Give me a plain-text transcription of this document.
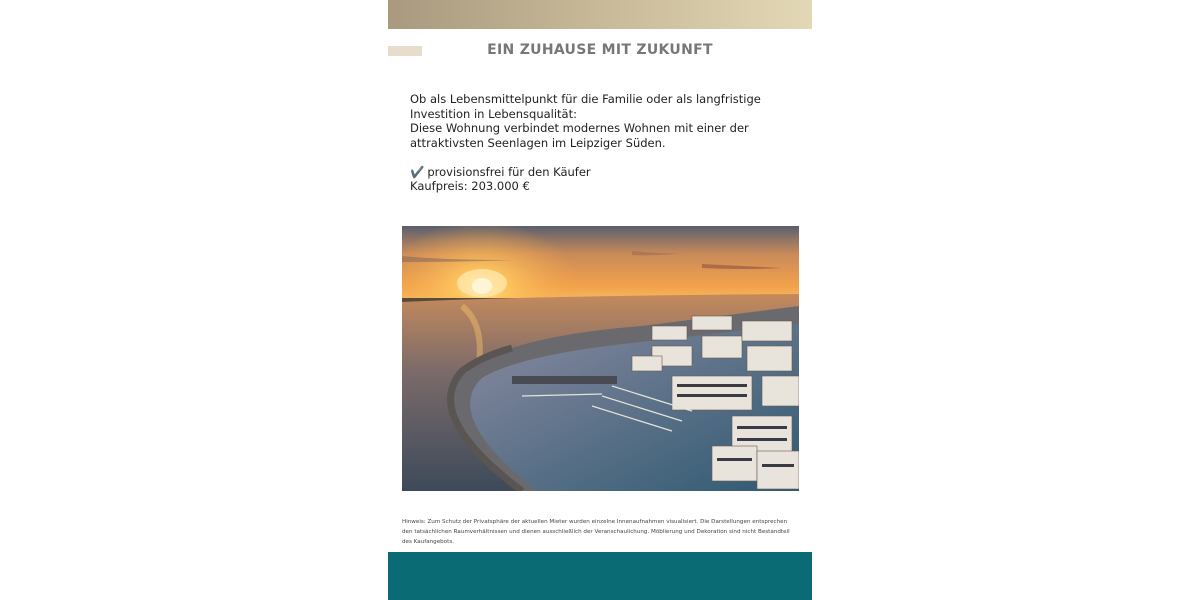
EIN ZUHAUSE MIT ZUKUNFT

Ob als Lebensmittelpunkt für die Familie oder als langfristige Investition in Lebensqualität:

Diese Wohnung verbindet modernes Wohnen mit einer der attraktivsten Seenlagen im Leipziger Süden.

✔️ provisionsfrei für den Käufer

Kaufpreis: 203.000 €

Hinweis: Zum Schutz der Privatsphäre der aktuellen Mieter wurden einzelne Innenaufnahmen visualisiert. Die Darstellungen entsprechen den tatsächlichen Raumverhältnissen und dienen ausschließlich der Veranschaulichung. Möblierung und Dekoration sind nicht Bestandteil des Kaufangebots.
